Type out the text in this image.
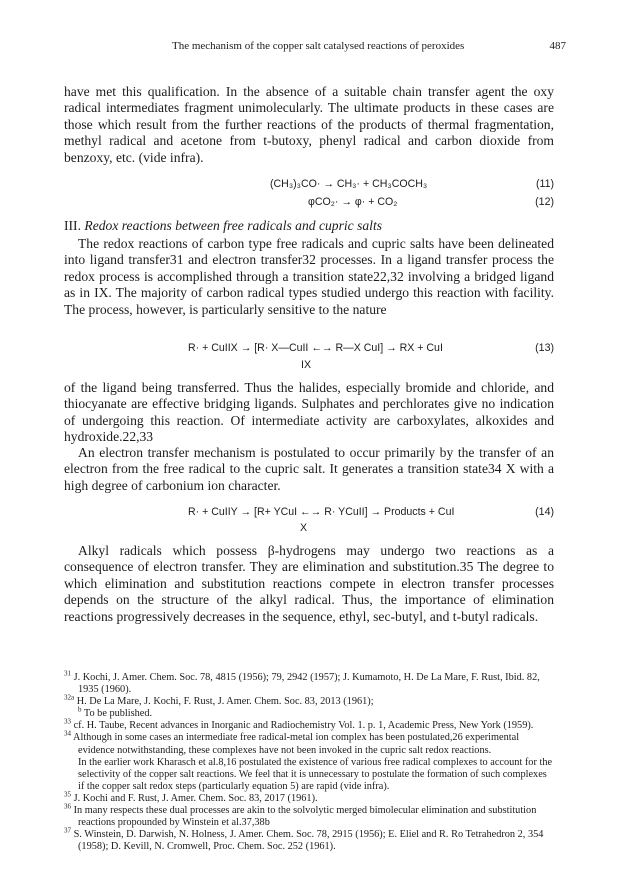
The mechanism of the copper salt catalysed reactions of peroxides	487
have met this qualification. In the absence of a suitable chain transfer agent the oxy radical intermediates fragment unimolecularly. The ultimate products in these cases are those which result from the further reactions of the products of thermal fragmentation, methyl radical and acetone from t-butoxy, phenyl radical and carbon dioxide from benzoxy, etc. (vide infra).
(CH₃)₃CO· → CH₃· + CH₃COCH₃	(11)
φCO₂· → φ· + CO₂	(12)
III. Redox reactions between free radicals and cupric salts
The redox reactions of carbon type free radicals and cupric salts have been delineated into ligand transfer31 and electron transfer32 processes. In a ligand transfer process the redox process is accomplished through a transition state22,32 involving a bridged ligand as in IX. The majority of carbon radical types studied undergo this reaction with facility. The process, however, is particularly sensitive to the nature
R· + CuIIX → [R· X—CuII ←→ R—X CuI] → RX + CuI	(13)
IX
of the ligand being transferred. Thus the halides, especially bromide and chloride, and thiocyanate are effective bridging ligands. Sulphates and perchlorates give no indication of undergoing this reaction. Of intermediate activity are carboxylates, alkoxides and hydroxide.22,33
An electron transfer mechanism is postulated to occur primarily by the transfer of an electron from the free radical to the cupric salt. It generates a transition state34 X with a high degree of carbonium ion character.
R· + CuIIY → [R+ YCuI ←→ R· YCuII] → Products + CuI	(14)
X
Alkyl radicals which possess β-hydrogens may undergo two reactions as a consequence of electron transfer. They are elimination and substitution.35 The degree to which elimination and substitution reactions compete in electron transfer processes depends on the structure of the alkyl radical. Thus, the importance of elimination reactions progressively decreases in the sequence, ethyl, sec-butyl, and t-butyl radicals.
$^{31}$ J. Kochi, J. Amer. Chem. Soc. 78, 4815 (1956); 79, 2942 (1957); J. Kumamoto, H. De La Mare, F. Rust, Ibid. 82, 1935 (1960).
$^{32a}$ H. De La Mare, J. Kochi, F. Rust, J. Amer. Chem. Soc. 83, 2013 (1961);
$^b$ To be published.
$^{33}$ cf. H. Taube, Recent advances in Inorganic and Radiochemistry Vol. 1. p. 1, Academic Press, New York (1959).
$^{34}$ Although in some cases an intermediate free radical-metal ion complex has been postulated,26 experimental evidence notwithstanding, these complexes have not been invoked in the cupric salt redox reactions.
In the earlier work Kharasch et al.8,16 postulated the existence of various free radical complexes to account for the selectivity of the copper salt reactions. We feel that it is unnecessary to postulate the formation of such complexes if the copper salt redox steps (particularly equation 5) are rapid (vide infra).
$^{35}$ J. Kochi and F. Rust, J. Amer. Chem. Soc. 83, 2017 (1961).
$^{36}$ In many respects these dual processes are akin to the solvolytic merged bimolecular elimination and substitution reactions propounded by Winstein et al.37,38b
$^{37}$ S. Winstein, D. Darwish, N. Holness, J. Amer. Chem. Soc. 78, 2915 (1956); E. Eliel and R. Ro Tetrahedron 2, 354 (1958); D. Kevill, N. Cromwell, Proc. Chem. Soc. 252 (1961).
